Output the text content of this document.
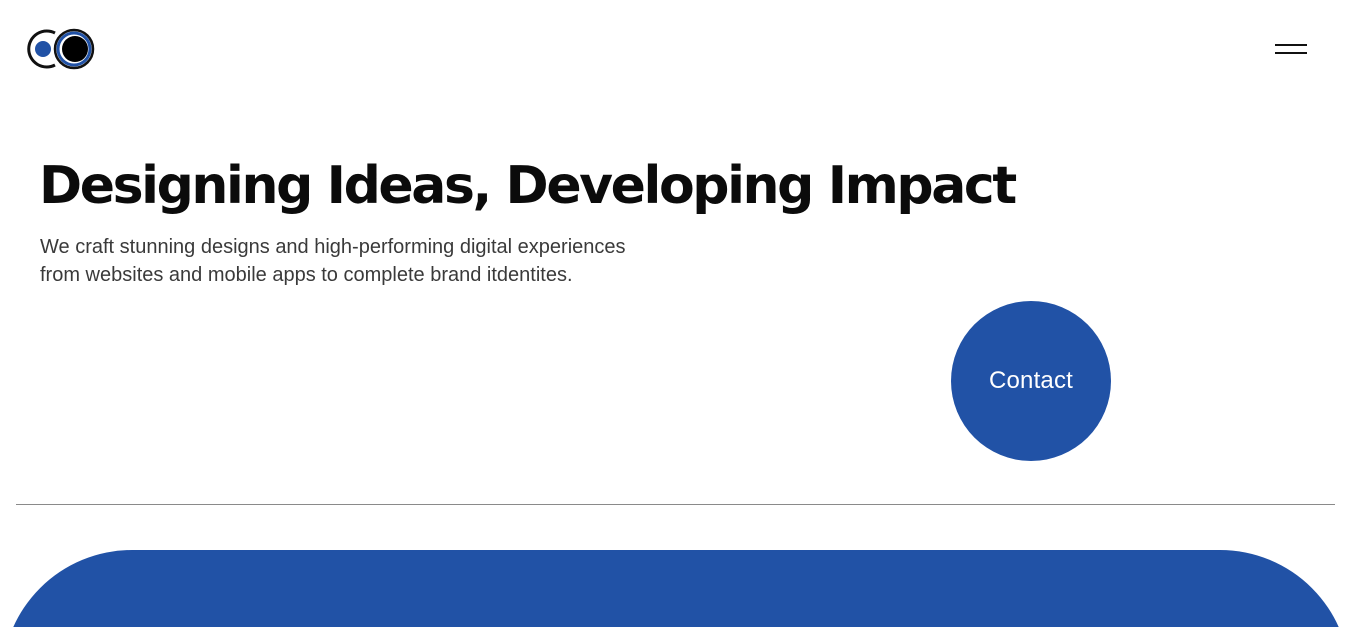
Designing Ideas, Developing Impact

We craft stunning designs and high-performing digital experiences
from websites and mobile apps to complete brand itdentites.

Contact
